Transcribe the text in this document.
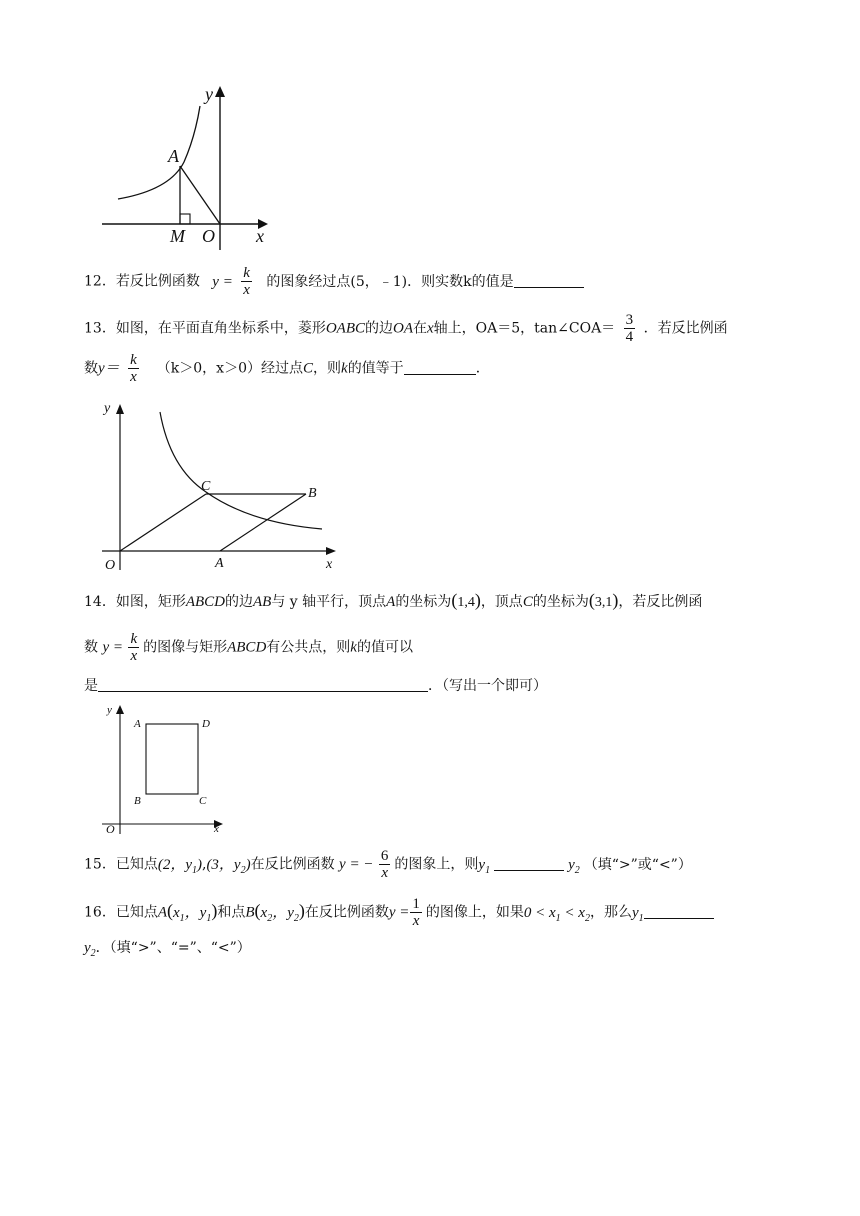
y
A
M O x
12．若反比例函数 $y = \frac{k}{x}$ 的图象经过点(5，﹣1)．则实数k的值是
13．如图，在平面直角坐标系中，菱形OABC的边OA在x轴上，OA＝5，tan∠COA＝ $\frac{3}{4}$ ．若反比例函
数$y= \frac{k}{x} (k>0$，x＞0）经过点C，则k的值等于	．
y
C	B
O	A	x
14．如图，矩形ABCD的边AB与 y 轴平行，顶点A的坐标为(1,4)，顶点C的坐标为(3,1)，若反比例函
数 $y = \frac{k}{x}$ 的图像与矩形ABCD有公共点，则k的值可以
是	．（写出一个即可）
y
A	D
B	C
O	x
15．已知点(2，$y_1),(3$，$y_2$)在反比例函数 y = − $\frac{6}{x}$ 的图象上，则$y_1$	$y_2$ （填“>”或“<”）
16．已知点$A(x_1$，$y_1$)和点$B(x_2$，$y_2$)在反比例函数$y = \frac{1}{x}$ 的图像上，如果$0 < x_1 < x_2$，那么$y_1$
$y_2$．（填“>”、“=”、“<”）
